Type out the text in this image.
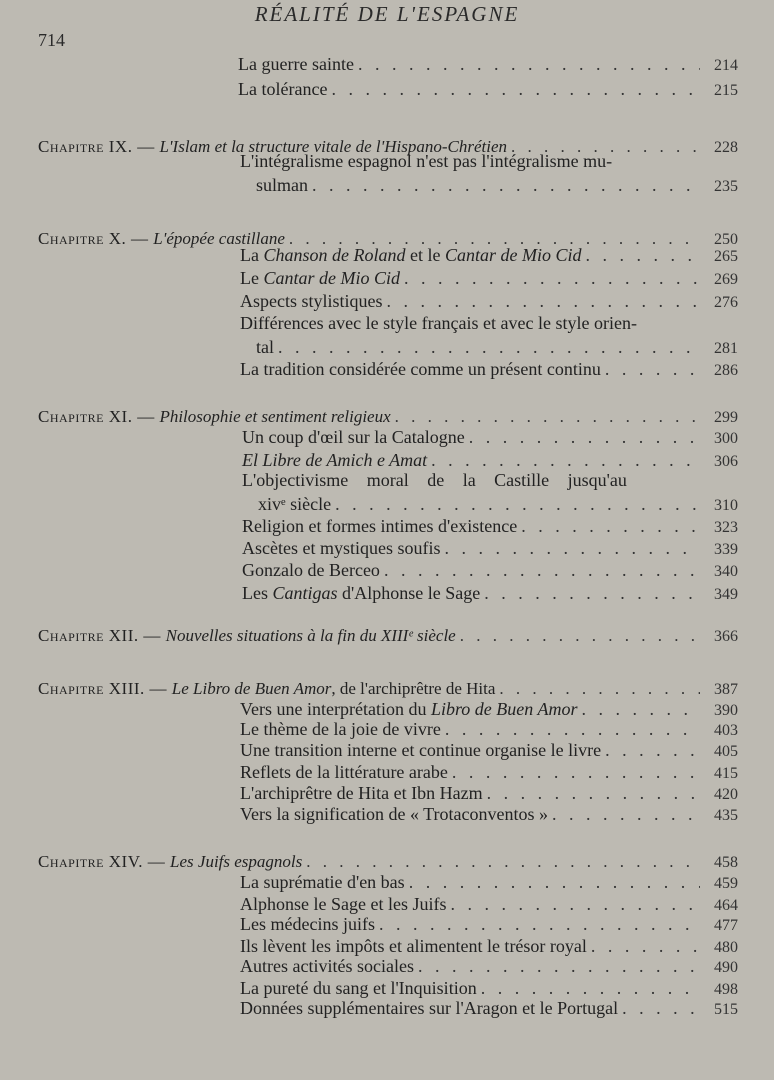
RÉALITÉ DE L'ESPAGNE
714
La guerre sainte . . .	214
La tolérance . . .	215
Chapitre IX. — L'Islam et la structure vitale de l'Hispano-Chrétien . . .	228
L'intégralisme espagnol n'est pas l'intégralisme mu-
sulman . . .	235
Chapitre X. — L'épopée castillane . . .	250
La Chanson de Roland et le Cantar de Mio Cid . . .	265
Le Cantar de Mio Cid . . .	269
Aspects stylistiques . . .	276
Différences avec le style français et avec le style orien-
tal . . .	281
La tradition considérée comme un présent continu . . .	286
Chapitre XI. — Philosophie et sentiment religieux . . .	299
Un coup d'œil sur la Catalogne . . .	300
El Libre de Amich e Amat . . .	306
L'objectivisme moral de la Castille jusqu'au
xivᵉ siècle . . .	310
Religion et formes intimes d'existence . . .	323
Ascètes et mystiques soufis . . .	339
Gonzalo de Berceo . . .	340
Les Cantigas d'Alphonse le Sage . . .	349
Chapitre XII. — Nouvelles situations à la fin du XIIIᵉ siècle . . .	366
Chapitre XIII. — Le Libro de Buen Amor, de l'archiprêtre de Hita . . .	387
Vers une interprétation du Libro de Buen Amor . . .	390
Le thème de la joie de vivre . . .	403
Une transition interne et continue organise le livre . . .	405
Reflets de la littérature arabe . . .	415
L'archiprêtre de Hita et Ibn Hazm . . .	420
Vers la signification de « Trotaconventos » . . .	435
Chapitre XIV. — Les Juifs espagnols . . .	458
La suprématie d'en bas . . .	459
Alphonse le Sage et les Juifs . . .	464
Les médecins juifs . . .	477
Ils lèvent les impôts et alimentent le trésor royal . . .	480
Autres activités sociales . . .	490
La pureté du sang et l'Inquisition . . .	498
Données supplémentaires sur l'Aragon et le Portugal . . .	515
